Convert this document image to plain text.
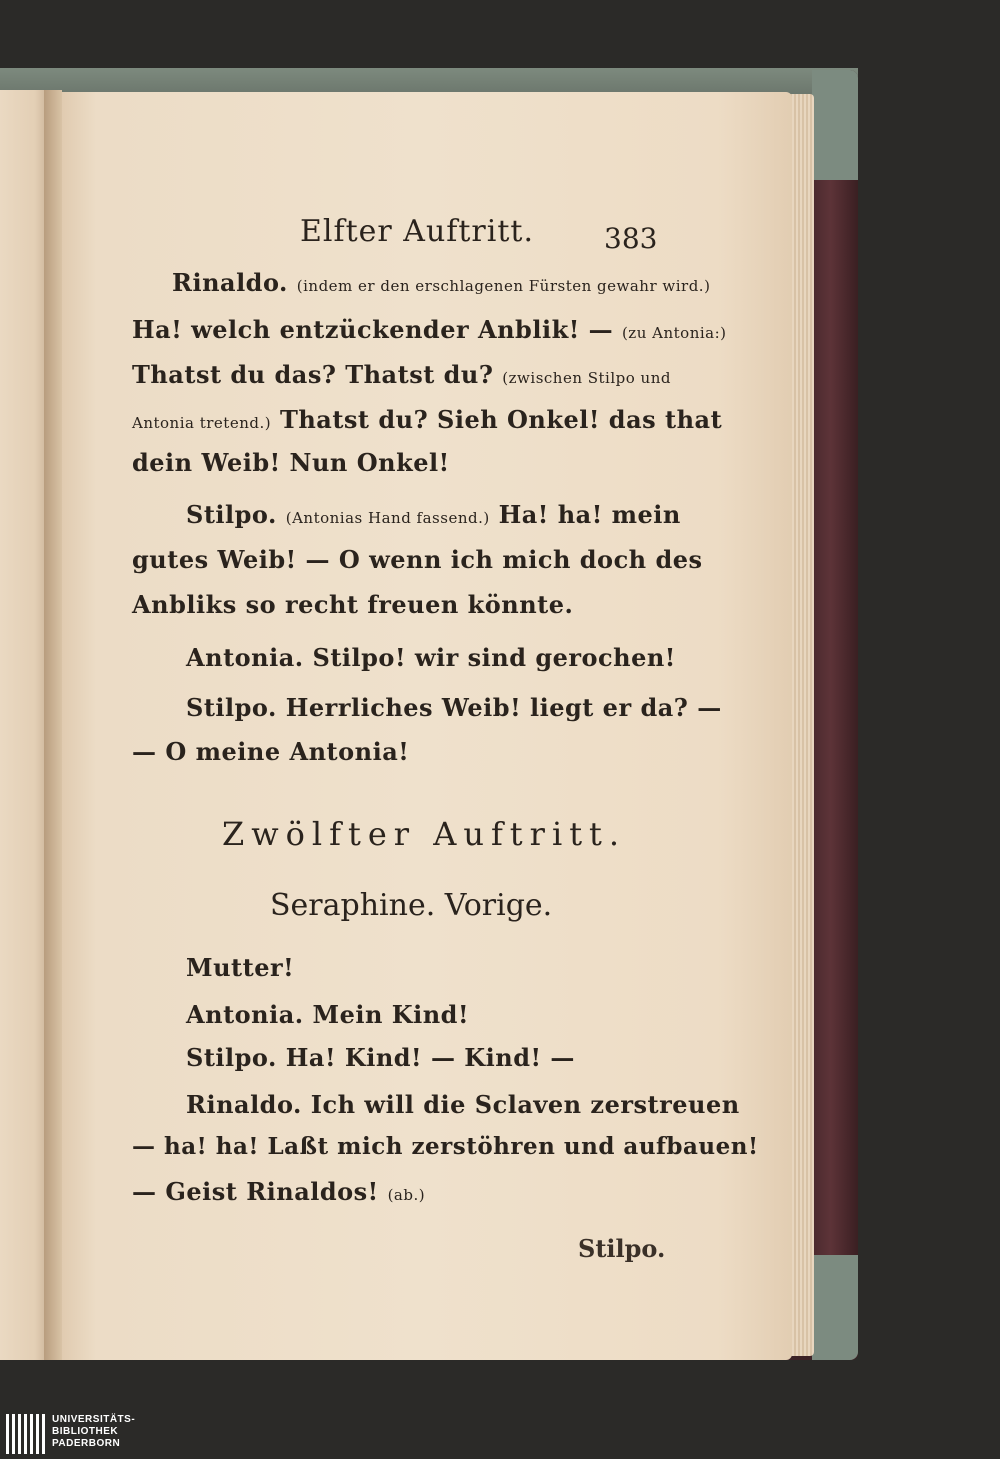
Elfter Auftritt. 383
Rinaldo. (indem er den erschlagenen Fürsten gewahr wird.)
Ha! welch entzückender Anblik! — (zu Antonia:)
Thatst du das? Thatst du? (zwischen Stilpo und
Antonia tretend.) Thatst du? Sieh Onkel! das that
dein Weib! Nun Onkel!
Stilpo. (Antonias Hand fassend.) Ha! ha! mein
gutes Weib! — O wenn ich mich doch des
Anbliks so recht freuen könnte.
Antonia. Stilpo! wir sind gerochen!
Stilpo. Herrliches Weib! liegt er da? —
— O meine Antonia!
Zwölfter Auftritt.
Seraphine. Vorige.
Mutter!
Antonia. Mein Kind!
Stilpo. Ha! Kind! — Kind! —
Rinaldo. Ich will die Sclaven zerstreuen
— ha! ha! Laßt mich zerstöhren und aufbauen!
— Geist Rinaldos! (ab.)
Stilpo.
UNIVERSITÄTS-
BIBLIOTHEK
PADERBORN
